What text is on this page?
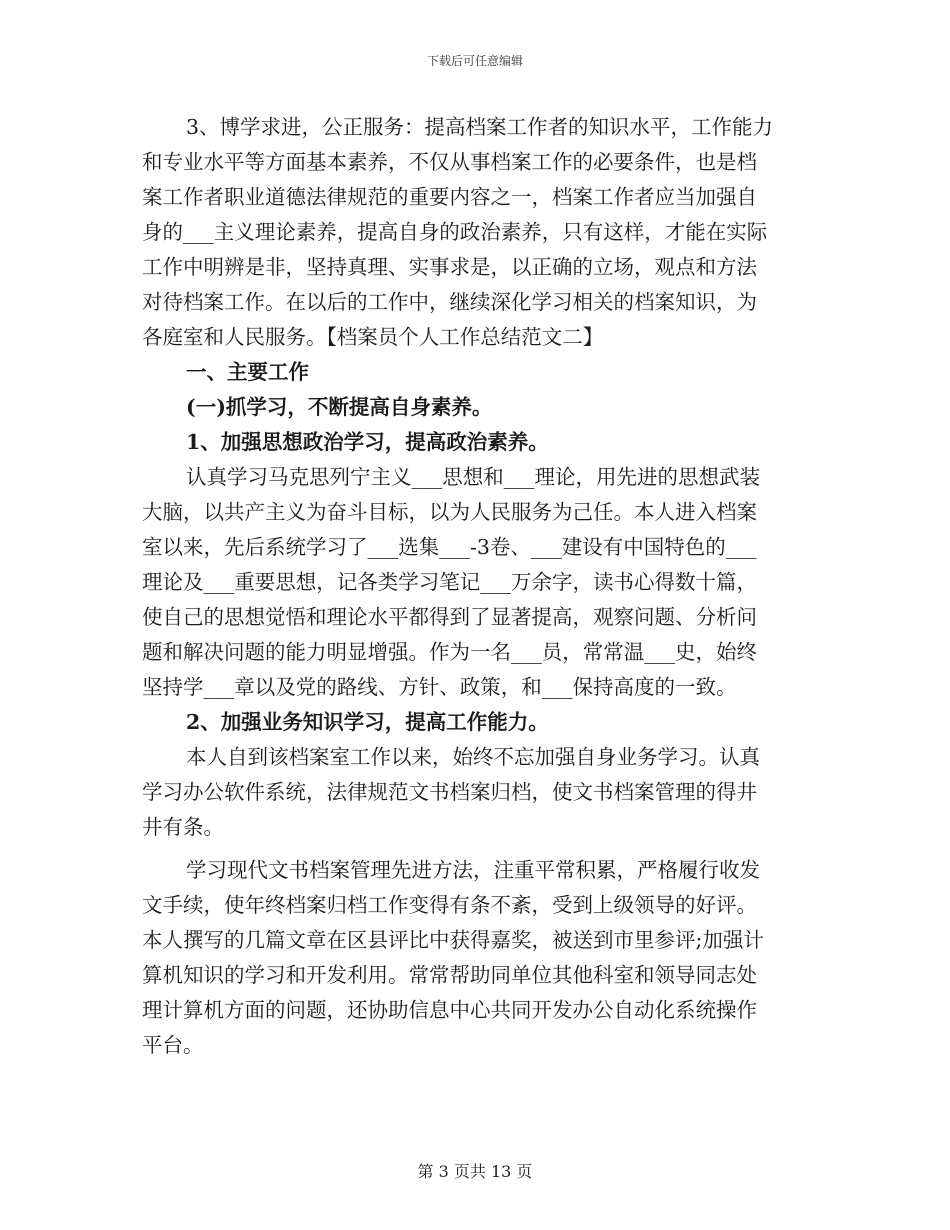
下载后可任意编辑
3、博学求进，公正服务：提高档案工作者的知识水平，工作能力
和专业水平等方面基本素养，不仅从事档案工作的必要条件，也是档
案工作者职业道德法律规范的重要内容之一，档案工作者应当加强自
身的___主义理论素养，提高自身的政治素养，只有这样，才能在实际
工作中明辨是非，坚持真理、实事求是，以正确的立场，观点和方法
对待档案工作。在以后的工作中，继续深化学习相关的档案知识，为
各庭室和人民服务。【档案员个人工作总结范文二】
一、主要工作
(一)抓学习，不断提高自身素养。
1、加强思想政治学习，提高政治素养。
认真学习马克思列宁主义___思想和___理论，用先进的思想武装
大脑，以共产主义为奋斗目标，以为人民服务为己任。本人进入档案
室以来，先后系统学习了___选集___-3卷、___建设有中国特色的___
理论及___重要思想，记各类学习笔记___万余字，读书心得数十篇，
使自己的思想觉悟和理论水平都得到了显著提高，观察问题、分析问
题和解决问题的能力明显增强。作为一名___员，常常温___史，始终
坚持学___章以及党的路线、方针、政策，和___保持高度的一致。
2、加强业务知识学习，提高工作能力。
本人自到该档案室工作以来，始终不忘加强自身业务学习。认真
学习办公软件系统，法律规范文书档案归档，使文书档案管理的得井
井有条。
学习现代文书档案管理先进方法，注重平常积累，严格履行收发
文手续，使年终档案归档工作变得有条不紊，受到上级领导的好评。
本人撰写的几篇文章在区县评比中获得嘉奖，被送到市里参评;加强计
算机知识的学习和开发利用。常常帮助同单位其他科室和领导同志处
理计算机方面的问题，还协助信息中心共同开发办公自动化系统操作
平台。
第 3 页共 13 页
